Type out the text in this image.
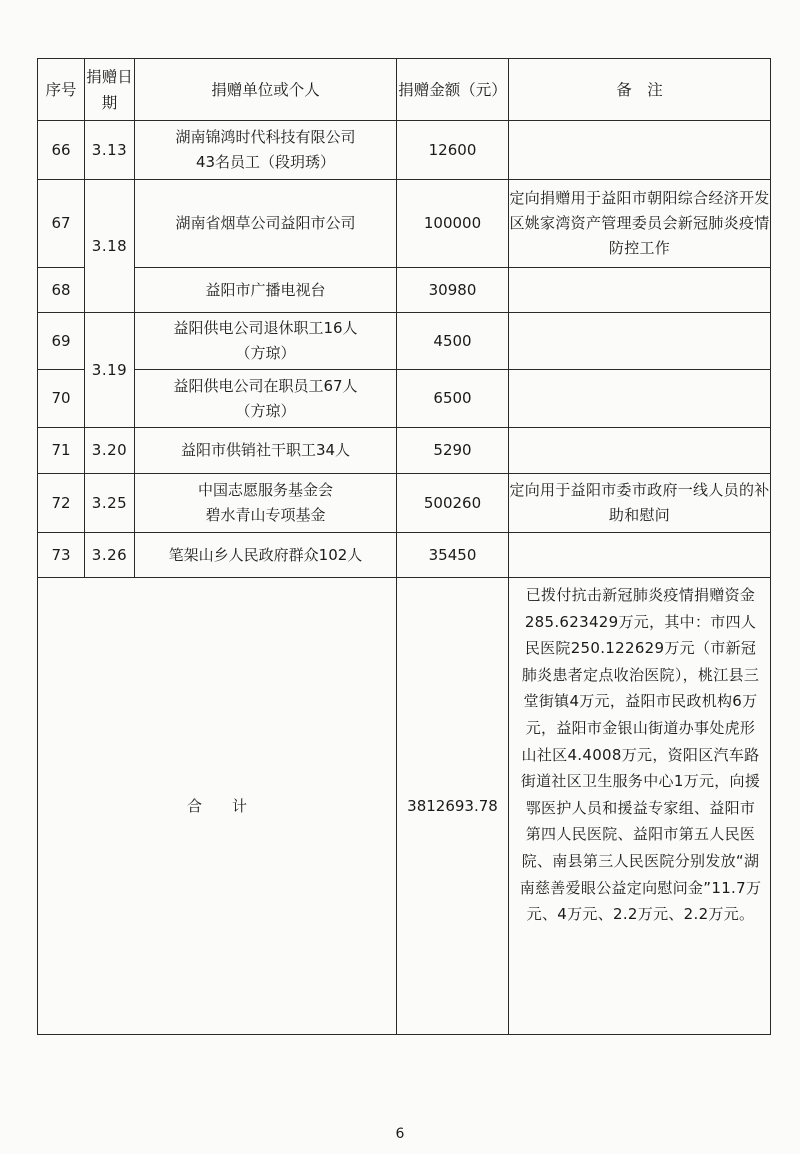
序号	捐赠日期	捐赠单位或个人	捐赠金额（元）	备　注
66	3.13	湖南锦鸿时代科技有限公司
43名员工（段玥琇）	12600	
67	3.18	湖南省烟草公司益阳市公司	100000	定向捐赠用于益阳市朝阳综合经济开发区姚家湾资产管理委员会新冠肺炎疫情防控工作
68		益阳市广播电视台	30980	
69	3.19	益阳供电公司退休职工16人
（方琼）	4500	
70		益阳供电公司在职员工67人
（方琼）	6500	
71	3.20	益阳市供销社干职工34人	5290	
72	3.25	中国志愿服务基金会
碧水青山专项基金	500260	定向用于益阳市委市政府一线人员的补助和慰问
73	3.26	笔架山乡人民政府群众102人	35450	
合计			3812693.78	已拨付抗击新冠肺炎疫情捐赠资金285.623429万元，其中：市四人民医院250.122629万元（市新冠肺炎患者定点收治医院），桃江县三堂街镇4万元，益阳市民政机构6万元，益阳市金银山街道办事处虎形山社区4.4008万元，资阳区汽车路街道社区卫生服务中心1万元，向援鄂医护人员和援益专家组、益阳市第四人民医院、益阳市第五人民医院、南县第三人民医院分别发放“湖南慈善爱眼公益定向慰问金”11.7万元、4万元、2.2万元、2.2万元。
6
